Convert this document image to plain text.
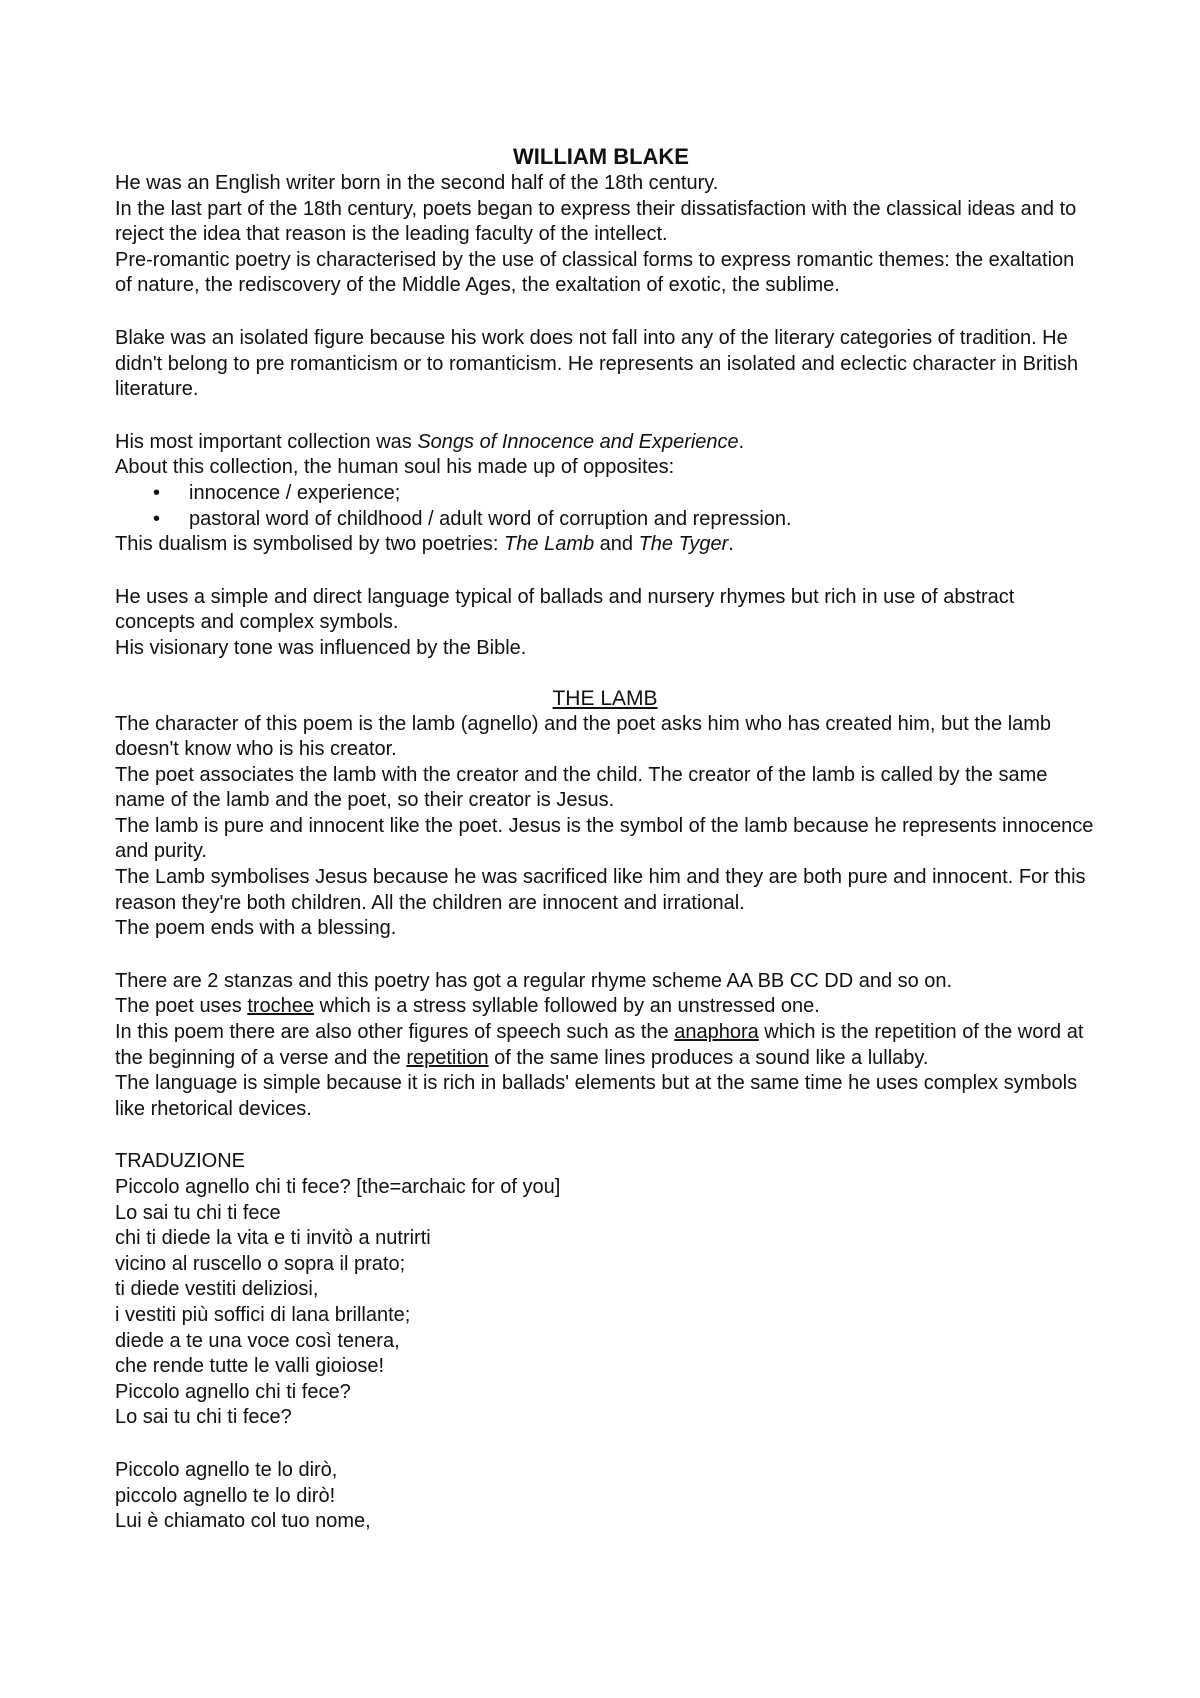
WILLIAM BLAKE

He was an English writer born in the second half of the 18th century.

In the last part of the 18th century, poets began to express their dissatisfaction with the classical ideas and to reject the idea that reason is the leading faculty of the intellect.

Pre-romantic poetry is characterised by the use of classical forms to express romantic themes: the exaltation of nature, the rediscovery of the Middle Ages, the exaltation of exotic, the sublime.

Blake was an isolated figure because his work does not fall into any of the literary categories of tradition. He didn't belong to pre romanticism or to romanticism. He represents an isolated and eclectic character in British literature.

His most important collection was Songs of Innocence and Experience.

About this collection, the human soul his made up of opposites:

• innocence / experience;
• pastoral word of childhood / adult word of corruption and repression.

This dualism is symbolised by two poetries: The Lamb and The Tyger.

He uses a simple and direct language typical of ballads and nursery rhymes but rich in use of abstract concepts and complex symbols.

His visionary tone was influenced by the Bible.

THE LAMB

The character of this poem is the lamb (agnello) and the poet asks him who has created him, but the lamb doesn't know who is his creator.

The poet associates the lamb with the creator and the child. The creator of the lamb is called by the same name of the lamb and the poet, so their creator is Jesus.

The lamb is pure and innocent like the poet. Jesus is the symbol of the lamb because he represents innocence and purity.

The Lamb symbolises Jesus because he was sacrificed like him and they are both pure and innocent. For this reason they're both children. All the children are innocent and irrational.

The poem ends with a blessing.

There are 2 stanzas and this poetry has got a regular rhyme scheme AA BB CC DD and so on.

The poet uses trochee which is a stress syllable followed by an unstressed one.

In this poem there are also other figures of speech such as the anaphora which is the repetition of the word at the beginning of a verse and the repetition of the same lines produces a sound like a lullaby.

The language is simple because it is rich in ballads' elements but at the same time he uses complex symbols like rhetorical devices.

TRADUZIONE

Piccolo agnello chi ti fece? [the=archaic for of you]

Lo sai tu chi ti fece

chi ti diede la vita e ti invitò a nutrirti

vicino al ruscello o sopra il prato;

ti diede vestiti deliziosi,

i vestiti più soffici di lana brillante;

diede a te una voce così tenera,

che rende tutte le valli gioiose!

Piccolo agnello chi ti fece?

Lo sai tu chi ti fece?

Piccolo agnello te lo dirò,

piccolo agnello te lo dirò!

Lui è chiamato col tuo nome,
